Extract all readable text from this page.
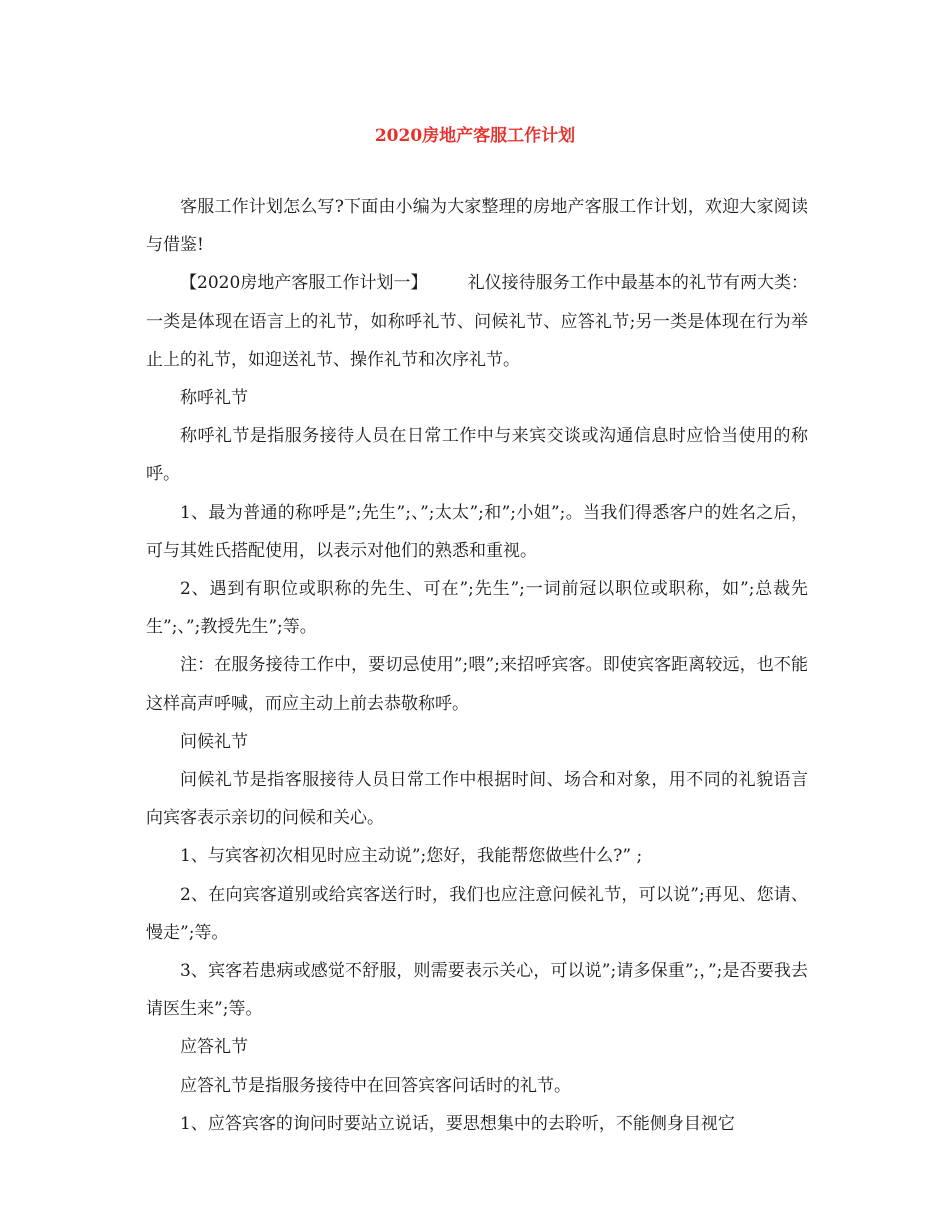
2020房地产客服工作计划

客服工作计划怎么写?下面由小编为大家整理的房地产客服工作计划，欢迎大家阅读与借鉴!

【2020房地产客服工作计划一】 礼仪接待服务工作中最基本的礼节有两大类：一类是体现在语言上的礼节，如称呼礼节、问候礼节、应答礼节;另一类是体现在行为举止上的礼节，如迎送礼节、操作礼节和次序礼节。

称呼礼节

称呼礼节是指服务接待人员在日常工作中与来宾交谈或沟通信息时应恰当使用的称呼。

1、最为普通的称呼是”;先生”;、”;太太”;和”;小姐”;。当我们得悉客户的姓名之后，可与其姓氏搭配使用，以表示对他们的熟悉和重视。

2、遇到有职位或职称的先生、可在”;先生”;一词前冠以职位或职称，如”;总裁先生”;、”;教授先生”;等。

注：在服务接待工作中，要切忌使用”;喂”;来招呼宾客。即使宾客距离较远，也不能这样高声呼喊，而应主动上前去恭敬称呼。

问候礼节

问候礼节是指客服接待人员日常工作中根据时间、场合和对象，用不同的礼貌语言向宾客表示亲切的问候和关心。

1、与宾客初次相见时应主动说”;您好，我能帮您做些什么?” ;

2、在向宾客道别或给宾客送行时，我们也应注意问候礼节，可以说”;再见、您请、慢走”;等。

3、宾客若患病或感觉不舒服，则需要表示关心，可以说”;请多保重”;，”;是否要我去请医生来”;等。

应答礼节

应答礼节是指服务接待中在回答宾客问话时的礼节。

1、应答宾客的询问时要站立说话，要思想集中的去聆听，不能侧身目视它
